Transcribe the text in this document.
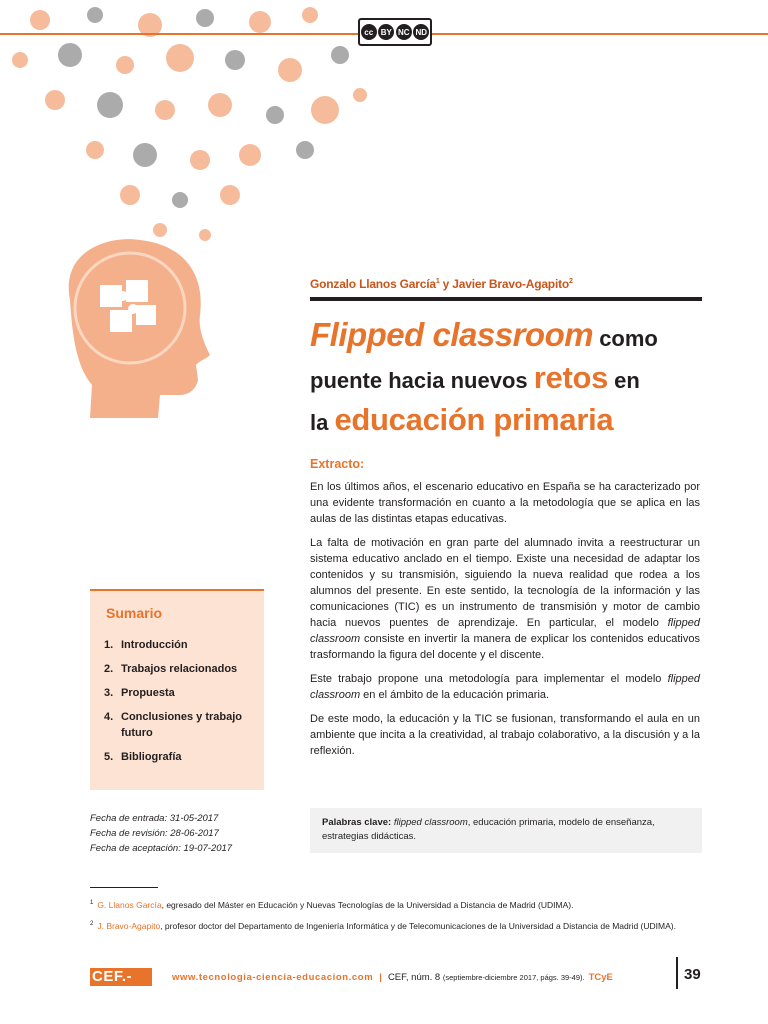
cc BY NC ND
Gonzalo Llanos García$^1$ y Javier Bravo-Agapito$^2$
Flipped classroom como
puente hacia nuevos retos en
la educación primaria
Extracto:

En los últimos años, el escenario educativo en España se ha caracterizado por una evidente transformación en cuanto a la metodología que se aplica en las aulas de las distintas etapas educativas.

La falta de motivación en gran parte del alumnado invita a reestructurar un sistema educativo anclado en el tiempo. Existe una necesidad de adaptar los contenidos y su transmisión, siguiendo la nueva realidad que rodea a los alumnos del presente. En este sentido, la tecnología de la información y las comunicaciones (TIC) es un instrumento de transmisión y motor de cambio hacia nuevos puentes de aprendizaje. En particular, el modelo flipped classroom consiste en invertir la manera de explicar los contenidos educativos trasformando la figura del docente y el discente.

Este trabajo propone una metodología para implementar el modelo flipped classroom en el ámbito de la educación primaria.

De este modo, la educación y la TIC se fusionan, transformando el aula en un ambiente que incita a la creatividad, al trabajo colaborativo, a la discusión y a la reflexión.

Palabras clave: flipped classroom, educación primaria, modelo de enseñanza, estrategias didácticas.
Sumario
1. Introducción
2. Trabajos relacionados
3. Propuesta
4. Conclusiones y trabajo futuro
5. Bibliografía
Fecha de entrada: 31-05-2017
Fecha de revisión: 28-06-2017
Fecha de aceptación: 19-07-2017
$^1$ G. Llanos García, egresado del Máster en Educación y Nuevas Tecnologías de la Universidad a Distancia de Madrid (UDIMA).
$^2$ J. Bravo-Agapito, profesor doctor del Departamento de Ingeniería Informática y de Telecomunicaciones de la Universidad a Distancia de Madrid (UDIMA).
CEF.-	www.tecnologia-ciencia-educacion.com | CEF, núm. 8 (septiembre-diciembre 2017, págs. 39-49). TCyE	39
